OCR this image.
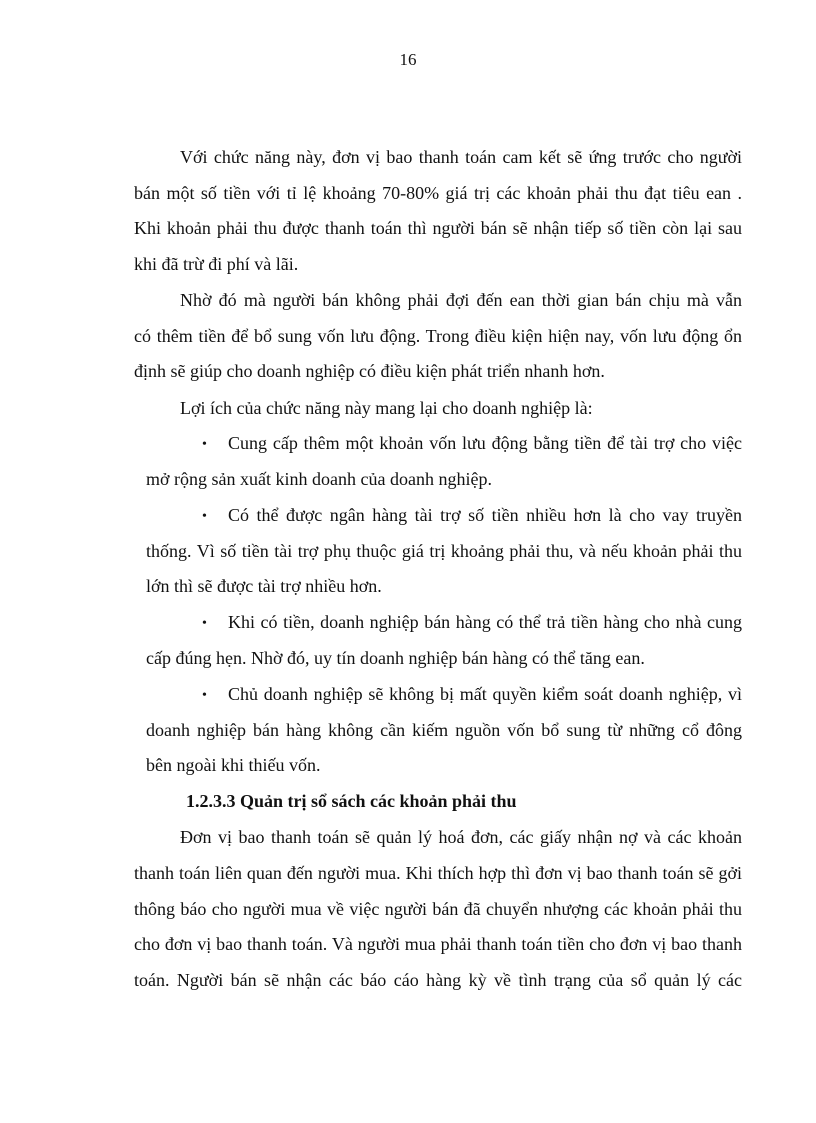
16
Với chức năng này, đơn vị bao thanh toán cam kết sẽ ứng trước cho người
bán một số tiền với tỉ lệ khoảng 70-80% giá trị các khoản phải thu đạt tiêu ean .
Khi khoản phải thu được thanh toán thì người bán sẽ nhận tiếp số tiền còn lại sau
khi đã trừ đi phí và lãi.
Nhờ đó mà người bán không phải đợi đến ean thời gian bán chịu mà vẫn
có thêm tiền để bổ sung vốn lưu động. Trong điều kiện hiện nay, vốn lưu động ổn
định sẽ giúp cho doanh nghiệp có điều kiện phát triển nhanh hơn.
Lợi ích của chức năng này mang lại cho doanh nghiệp là:
• Cung cấp thêm một khoản vốn lưu động bằng tiền để tài trợ cho việc
mở rộng sản xuất kinh doanh của doanh nghiệp.
• Có thể được ngân hàng tài trợ số tiền nhiều hơn là cho vay truyền
thống. Vì số tiền tài trợ phụ thuộc giá trị khoảng phải thu, và nếu khoản phải thu
lớn thì sẽ được tài trợ nhiều hơn.
• Khi có tiền, doanh nghiệp bán hàng có thể trả tiền hàng cho nhà cung
cấp đúng hẹn. Nhờ đó, uy tín doanh nghiệp bán hàng có thể tăng ean.
• Chủ doanh nghiệp sẽ không bị mất quyền kiểm soát doanh nghiệp, vì
doanh nghiệp bán hàng không cần kiếm nguồn vốn bổ sung từ những cổ đông
bên ngoài khi thiếu vốn.
1.2.3.3 Quản trị sổ sách các khoản phải thu
Đơn vị bao thanh toán sẽ quản lý hoá đơn, các giấy nhận nợ và các khoản
thanh toán liên quan đến người mua. Khi thích hợp thì đơn vị bao thanh toán sẽ gởi
thông báo cho người mua về việc người bán đã chuyển nhượng các khoản phải thu
cho đơn vị bao thanh toán. Và người mua phải thanh toán tiền cho đơn vị bao thanh
toán. Người bán sẽ nhận các báo cáo hàng kỳ về tình trạng của sổ quản lý các
